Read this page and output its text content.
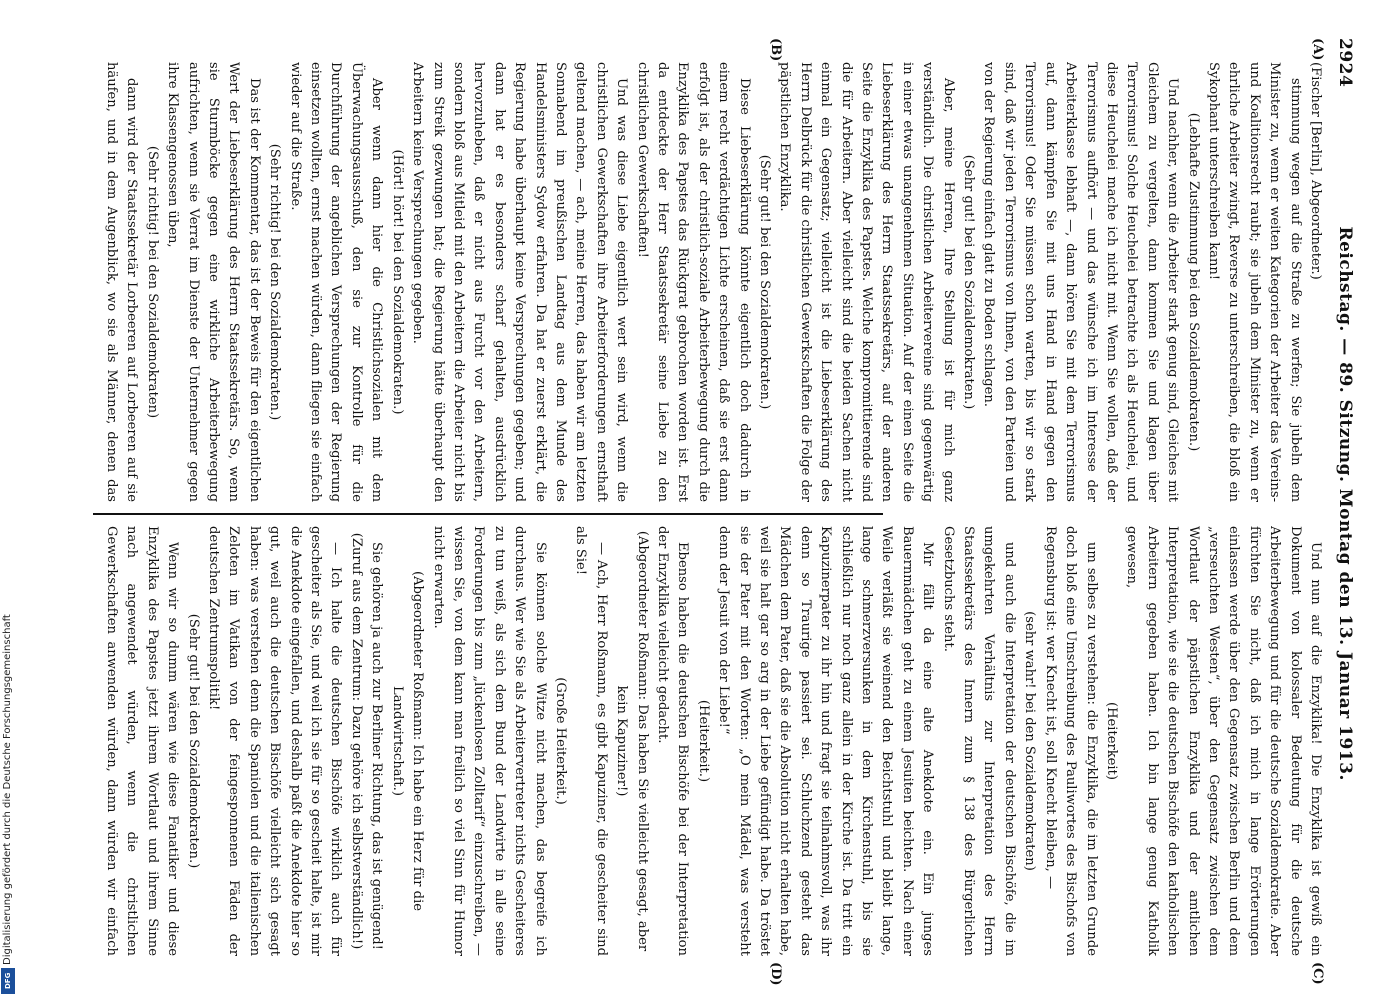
2924
Reichstag. — 89. Sitzung. Montag den 13. Januar 1913.
(A)
(B)
(C)
(D)

(Fischer [Berlin], Abgeordneter.)

stimmung wegen auf die Straße zu werfen; Sie jubeln dem Minister zu, wenn er weiten Kategorien der Arbeiter das Vereins- und Koalitionsrecht raubt; sie jubeln dem Minister zu, wenn er ehrliche Arbeiter zwingt, Reverse zu unterschreiben, die bloß ein Sykophant unterschreiben kann!

(Lebhafte Zustimmung bei den Sozialdemokraten.)

Und nachher, wenn die Arbeiter stark genug sind, Gleiches mit Gleichem zu vergelten, dann kommen Sie und klagen über Terrorismus! Solche Heuchelei betrachte ich als Heuchelei, und diese Heuchelei mache ich nicht mit. Wenn Sie wollen, daß der Terrorismus aufhört — und das wünsche ich im Interesse der Arbeiterklasse lebhaft —, dann hören Sie mit dem Terrorismus auf, dann kämpfen Sie mit uns Hand in Hand gegen den Terrorismus! Oder Sie müssen schon warten, bis wir so stark sind, daß wir jeden Terrorismus von Ihnen, von den Parteien und von der Regierung einfach glatt zu Boden schlagen.

(Sehr gut! bei den Sozialdemokraten.)

Aber, meine Herren, Ihre Stellung ist für mich ganz verständlich. Die christlichen Arbeitervereine sind gegenwärtig in einer etwas unangenehmen Situation. Auf der einen Seite die Liebeserklärung des Herrn Staatssekretärs, auf der anderen Seite die Enzyklika des Papstes. Welche kompromittierende sind die für Arbeitern. Aber vielleicht sind die beiden Sachen nicht einmal ein Gegensatz; vielleicht ist die Liebeserklärung des Herrn Delbrück für die christlichen Gewerkschaften die Folge der päpstlichen Enzyklika.

(Sehr gut! bei den Sozialdemokraten.)

Diese Liebeserklärung könnte eigentlich doch dadurch in einem recht verdächtigen Lichte erscheinen, daß sie erst dann erfolgt ist, als der christlich-soziale Arbeiterbewegung durch die Enzyklika des Papstes das Rückgrat gebrochen worden ist. Erst da entdeckte der Herr Staatssekretär seine Liebe zu den christlichen Gewerkschaften!

Und was diese Liebe eigentlich wert sein wird, wenn die christlichen Gewerkschaften ihre Arbeiterforderungen ernsthaft geltend machen, — ach, meine Herren, das haben wir am letzten Sonnabend im preußischen Landtag aus dem Munde des Handelsministers Sydow erfahren. Da hat er zuerst erklärt, die Regierung habe überhaupt keine Versprechungen gegeben; und dann hat er es besonders scharf gehalten, ausdrücklich hervorzuheben, daß er nicht aus Furcht vor den Arbeitern, sondern bloß aus Mitleid mit den Arbeitern die Arbeiter nicht bis zum Streik gezwungen hat; die Regierung hätte überhaupt den Arbeitern keine Versprechungen gegeben.

(Hört! hört! bei den Sozialdemokraten.)

Aber wenn dann hier die Christlichsozialen mit dem Überwachungsausschuß, den sie zur Kontrolle für die Durchführung der angeblichen Versprechungen der Regierung einsetzen wollten, ernst machen würden, dann fliegen sie einfach wieder auf die Straße.

(Sehr richtig! bei den Sozialdemokraten.)

Das ist der Kommentar, das ist der Beweis für den eigentlichen Wert der Liebeserklärung des Herrn Staatssekretärs. So, wenn sie Sturmböcke gegen eine wirkliche Arbeiterbewegung aufrichten, wenn sie Verrat im Dienste der Unternehmer gegen ihre Klassengenossen üben,

(Sehr richtig! bei den Sozialdemokraten)

dann wird der Staatssekretär Lorbeeren auf Lorbeeren auf sie häufen, und in dem Augenblick, wo sie als Männer, denen das

Und nun auf die Enzyklika! Die Enzyklika ist gewiß ein Dokument von kolossaler Bedeutung für die deutsche Arbeiterbewegung und für die deutsche Sozialdemokratie. Aber fürchten Sie nicht, daß ich mich in lange Erörterungen einlassen werde über den Gegensatz zwischen Berlin und dem „verseuchten Westen“, über den Gegensatz zwischen dem Wortlaut der päpstlichen Enzyklika und der amtlichen Interpretation, wie sie die deutschen Bischöfe den katholischen Arbeitern gegeben haben. Ich bin lange genug Katholik gewesen,

(Heiterkeit)

um selbes zu verstehen: die Enzyklika, die im letzten Grunde doch bloß eine Umschreibung des Pauliwortes des Bischofs von Regensburg ist: wer Knecht ist, soll Knecht bleiben, —

(sehr wahr! bei den Sozialdemokraten)

und auch die Interpretation der deutschen Bischöfe, die im umgekehrten Verhältnis zur Interpretation des Herrn Staatssekretärs des Innern zum § 138 des Bürgerlichen Gesetzbuchs steht.

Mir fällt da eine alte Anekdote ein. Ein junges Bauernmädchen geht zu einem Jesuiten beichten. Nach einer Weile verläßt sie weinend den Beichtstuhl und bleibt lange, lange schmerzversunken in dem Kirchenstuhl, bis sie schließlich nur noch ganz allein in der Kirche ist. Da tritt ein Kapuzinerpater zu ihr hin und fragt sie teilnahmsvoll, was ihr denn so Traurige passiert sei. Schluchzend gesteht das Mädchen dem Pater, daß sie die Absolution nicht erhalten habe, weil sie halt gar so arg in der Liebe gefündigt habe. Da tröstet sie der Pater mit den Worten: „O mein Mädel, was versteht denn der Jesuit von der Liebe!“

(Heiterkeit.)

Ebenso haben die deutschen Bischöfe bei der Interpretation der Enzyklika vielleicht gedacht.

(Abgeordneter Roßmann: Das haben Sie vielleicht gesagt, aber kein Kapuziner!)

— Ach, Herr Roßmann, es gibt Kapuziner, die gescheiter sind als Sie!

(Große Heiterkeit.)

Sie können solche Witze nicht machen, das begreife ich durchaus. Wer wie Sie als Arbeitervertreter nichts Gescheiteres zu tun weiß, als sich dem Bund der Landwirte in alle seine Forderungen bis zum „lückenlosen Zolltarif“ einzuschreiben, — wissen Sie, von dem kann man freilich so viel Sinn für Humor nicht erwarten.

(Abgeordneter Roßmann: Ich habe ein Herz für die Landwirtschaft.)

Sie gehören ja auch zur Berliner Richtung, das ist genügend!

(Zuruf aus dem Zentrum: Dazu gehöre ich selbstverständlich!)

— Ich halte die deutschen Bischöfe wirklich auch für gescheiter als Sie, und weil ich sie für so gescheit halte, ist mir die Anekdote eingefallen, und deshalb paßt die Anekdote hier so gut, weil auch die deutschen Bischöfe vielleicht sich gesagt haben: was verstehen denn die Spaniolen und die italienischen Zeloten im Vatikan von der feingesponnenen Fäden der deutschen Zentrumspolitik!

(Sehr gut! bei den Sozialdemokraten.)

Wenn wir so dumm wären wie diese Fanatiker und diese Enzyklika des Papstes jetzt ihrem Wortlaut und ihrem Sinne nach angewendet würden, wenn die christlichen Gewerkschaften anwenden würden, dann würden wir einfach

Digitalisierung gefördert durch die Deutsche Forschungsgemeinschaft
DFG
